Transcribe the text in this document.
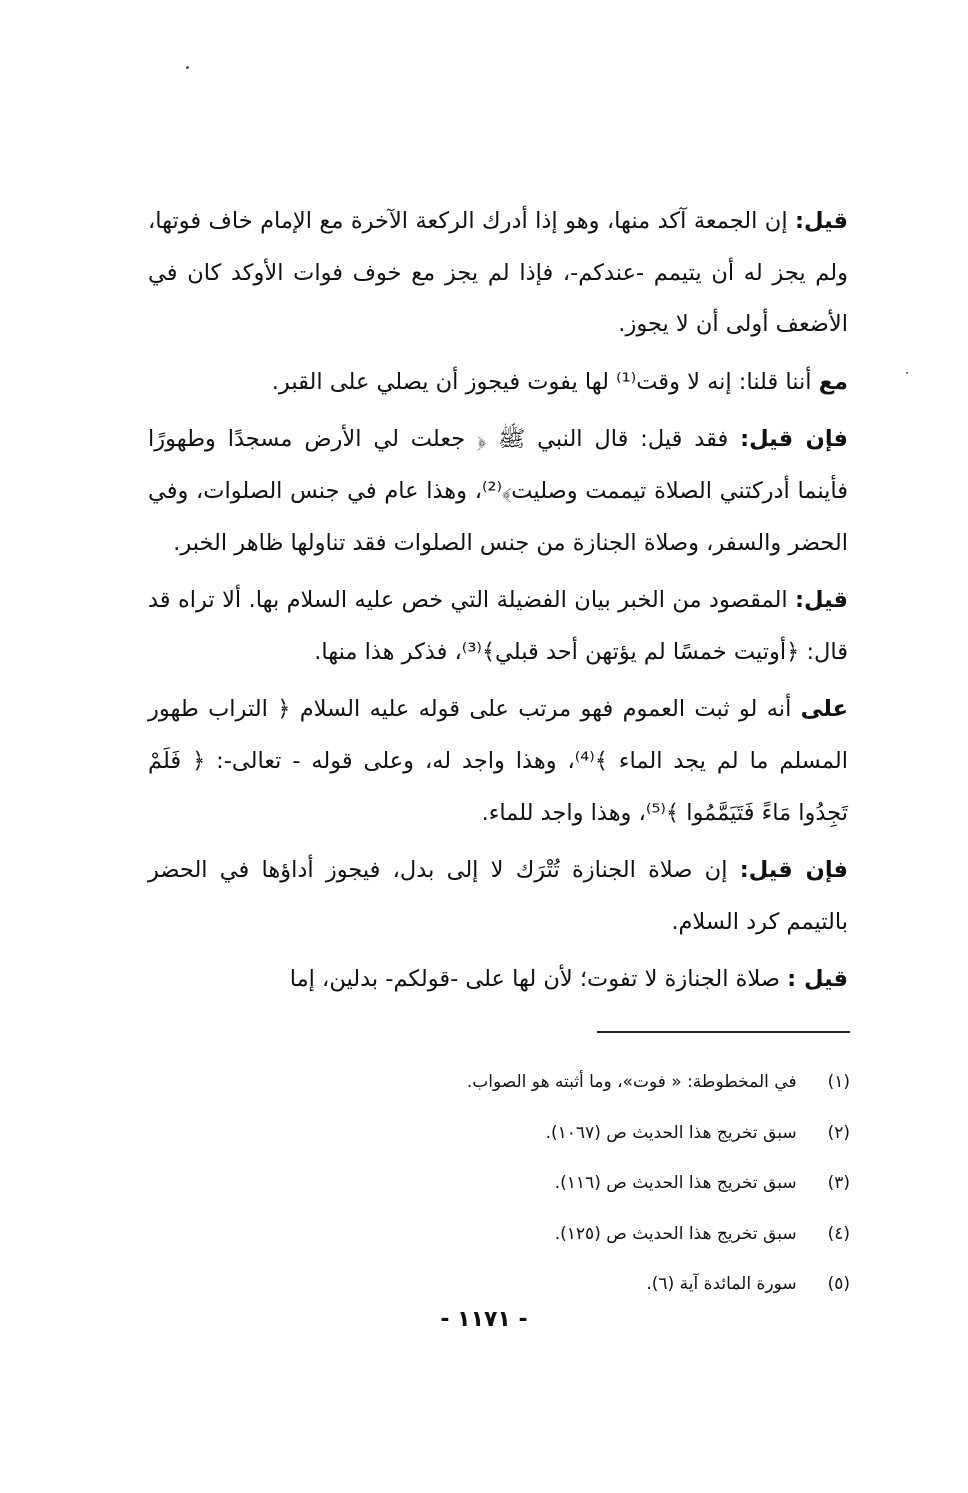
قيل: إن الجمعة آكد منها، وهو إذا أدرك الركعة الآخرة مع الإمام خاف فوتها، ولم يجز له أن يتيمم -عندكم-، فإذا لم يجز مع خوف فوات الأوكد كان في الأضعف أولى أن لا يجوز.

مع أننا قلنا: إنه لا وقت⁽¹⁾ لها يفوت فيجوز أن يصلي على القبر.

فإن قيل: فقد قيل: قال النبي ﷺ ﴿ جعلت لي الأرض مسجدًا وطهورًا فأينما أدركتني الصلاة تيممت وصليت﴾⁽²⁾، وهذا عام في جنس الصلوات، وفي الحضر والسفر، وصلاة الجنازة من جنس الصلوات فقد تناولها ظاهر الخبر.

قيل: المقصود من الخبر بيان الفضيلة التي خص عليه السلام بها. ألا تراه قد قال: ﴿أوتيت خمسًا لم يؤتهن أحد قبلي﴾⁽³⁾، فذكر هذا منها.

على أنه لو ثبت العموم فهو مرتب على قوله عليه السلام ﴿ التراب طهور المسلم ما لم يجد الماء ﴾⁽⁴⁾، وهذا واجد له، وعلى قوله - تعالى-: ﴿ فَلَمْ تَجِدُوا مَاءً فَتَيَمَّمُوا ﴾⁽⁵⁾، وهذا واجد للماء.

فإن قيل: إن صلاة الجنازة تُتْرَك لا إلى بدل، فيجوز أداؤها في الحضر بالتيمم كرد السلام.

قيل : صلاة الجنازة لا تفوت؛ لأن لها على -قولكم- بدلين، إما

(١) في المخطوطة: « فوت»، وما أثبته هو الصواب.
(٢) سبق تخريج هذا الحديث ص (١٠٦٧).
(٣) سبق تخريج هذا الحديث ص (١١٦).
(٤) سبق تخريج هذا الحديث ص (١٢٥).
(٥) سورة المائدة آية (٦).
- ١١٧١ -
